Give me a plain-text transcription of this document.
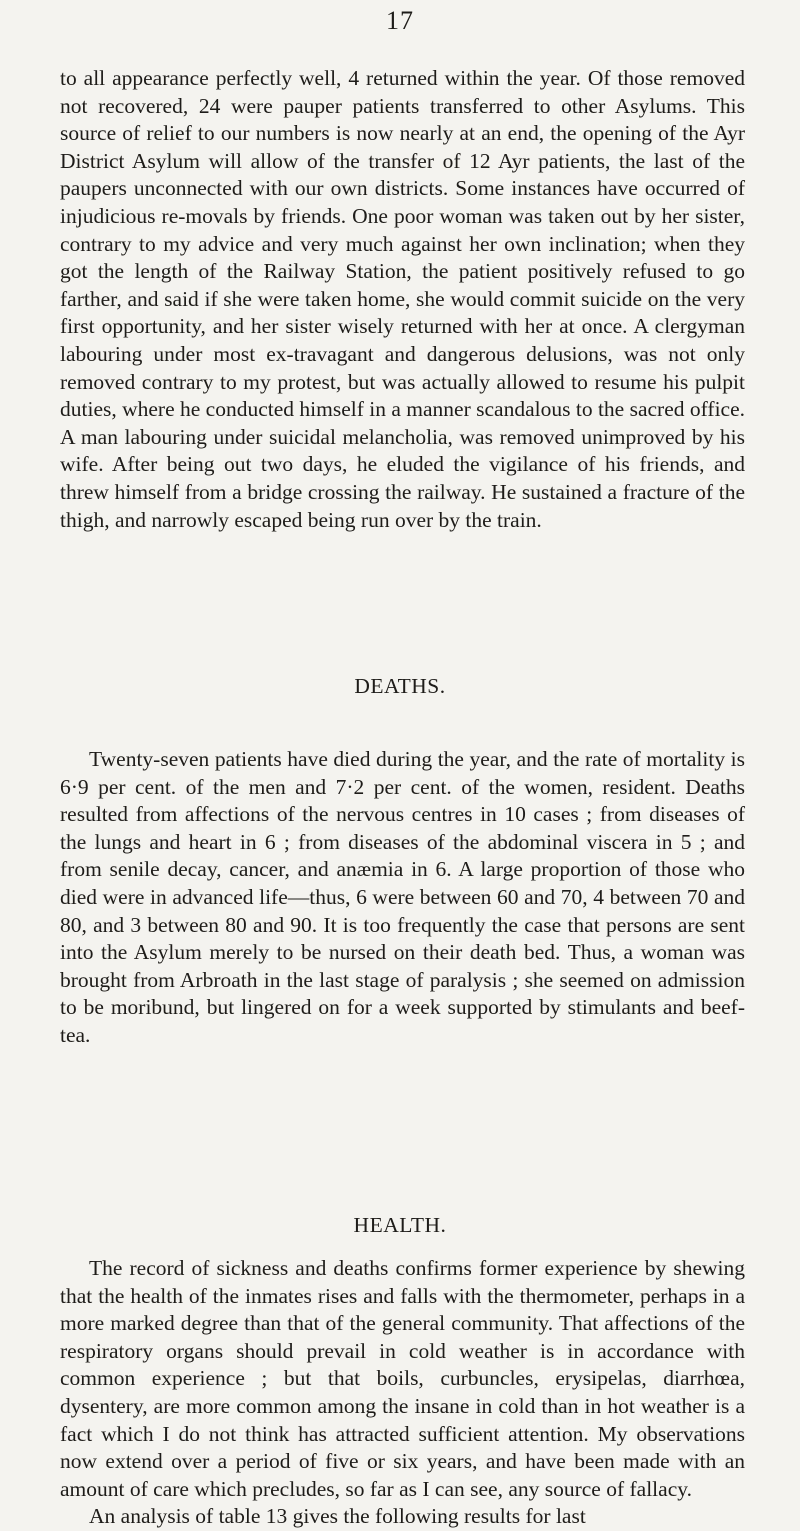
17

to all appearance perfectly well, 4 returned within the year. Of those removed not recovered, 24 were pauper patients transferred to other Asylums. This source of relief to our numbers is now nearly at an end, the opening of the Ayr District Asylum will allow of the transfer of 12 Ayr patients, the last of the paupers unconnected with our own districts. Some instances have occurred of injudicious re-movals by friends. One poor woman was taken out by her sister, contrary to my advice and very much against her own inclination; when they got the length of the Railway Station, the patient positively refused to go farther, and said if she were taken home, she would commit suicide on the very first opportunity, and her sister wisely returned with her at once. A clergyman labouring under most ex-travagant and dangerous delusions, was not only removed contrary to my protest, but was actually allowed to resume his pulpit duties, where he conducted himself in a manner scandalous to the sacred office. A man labouring under suicidal melancholia, was removed unimproved by his wife. After being out two days, he eluded the vigilance of his friends, and threw himself from a bridge crossing the railway. He sustained a fracture of the thigh, and narrowly escaped being run over by the train.

DEATHS.

Twenty-seven patients have died during the year, and the rate of mortality is 6·9 per cent. of the men and 7·2 per cent. of the women, resident. Deaths resulted from affections of the nervous centres in 10 cases ; from diseases of the lungs and heart in 6 ; from diseases of the abdominal viscera in 5 ; and from senile decay, cancer, and anæmia in 6. A large proportion of those who died were in advanced life—thus, 6 were between 60 and 70, 4 between 70 and 80, and 3 between 80 and 90. It is too frequently the case that persons are sent into the Asylum merely to be nursed on their death bed. Thus, a woman was brought from Arbroath in the last stage of paralysis ; she seemed on admission to be moribund, but lingered on for a week supported by stimulants and beef-tea.

HEALTH.

The record of sickness and deaths confirms former experience by shewing that the health of the inmates rises and falls with the thermometer, perhaps in a more marked degree than that of the general community. That affections of the respiratory organs should prevail in cold weather is in accordance with common experience ; but that boils, curbuncles, erysipelas, diarrhœa, dysentery, are more common among the insane in cold than in hot weather is a fact which I do not think has attracted sufficient attention. My observations now extend over a period of five or six years, and have been made with an amount of care which precludes, so far as I can see, any source of fallacy.

An analysis of table 13 gives the following results for last
